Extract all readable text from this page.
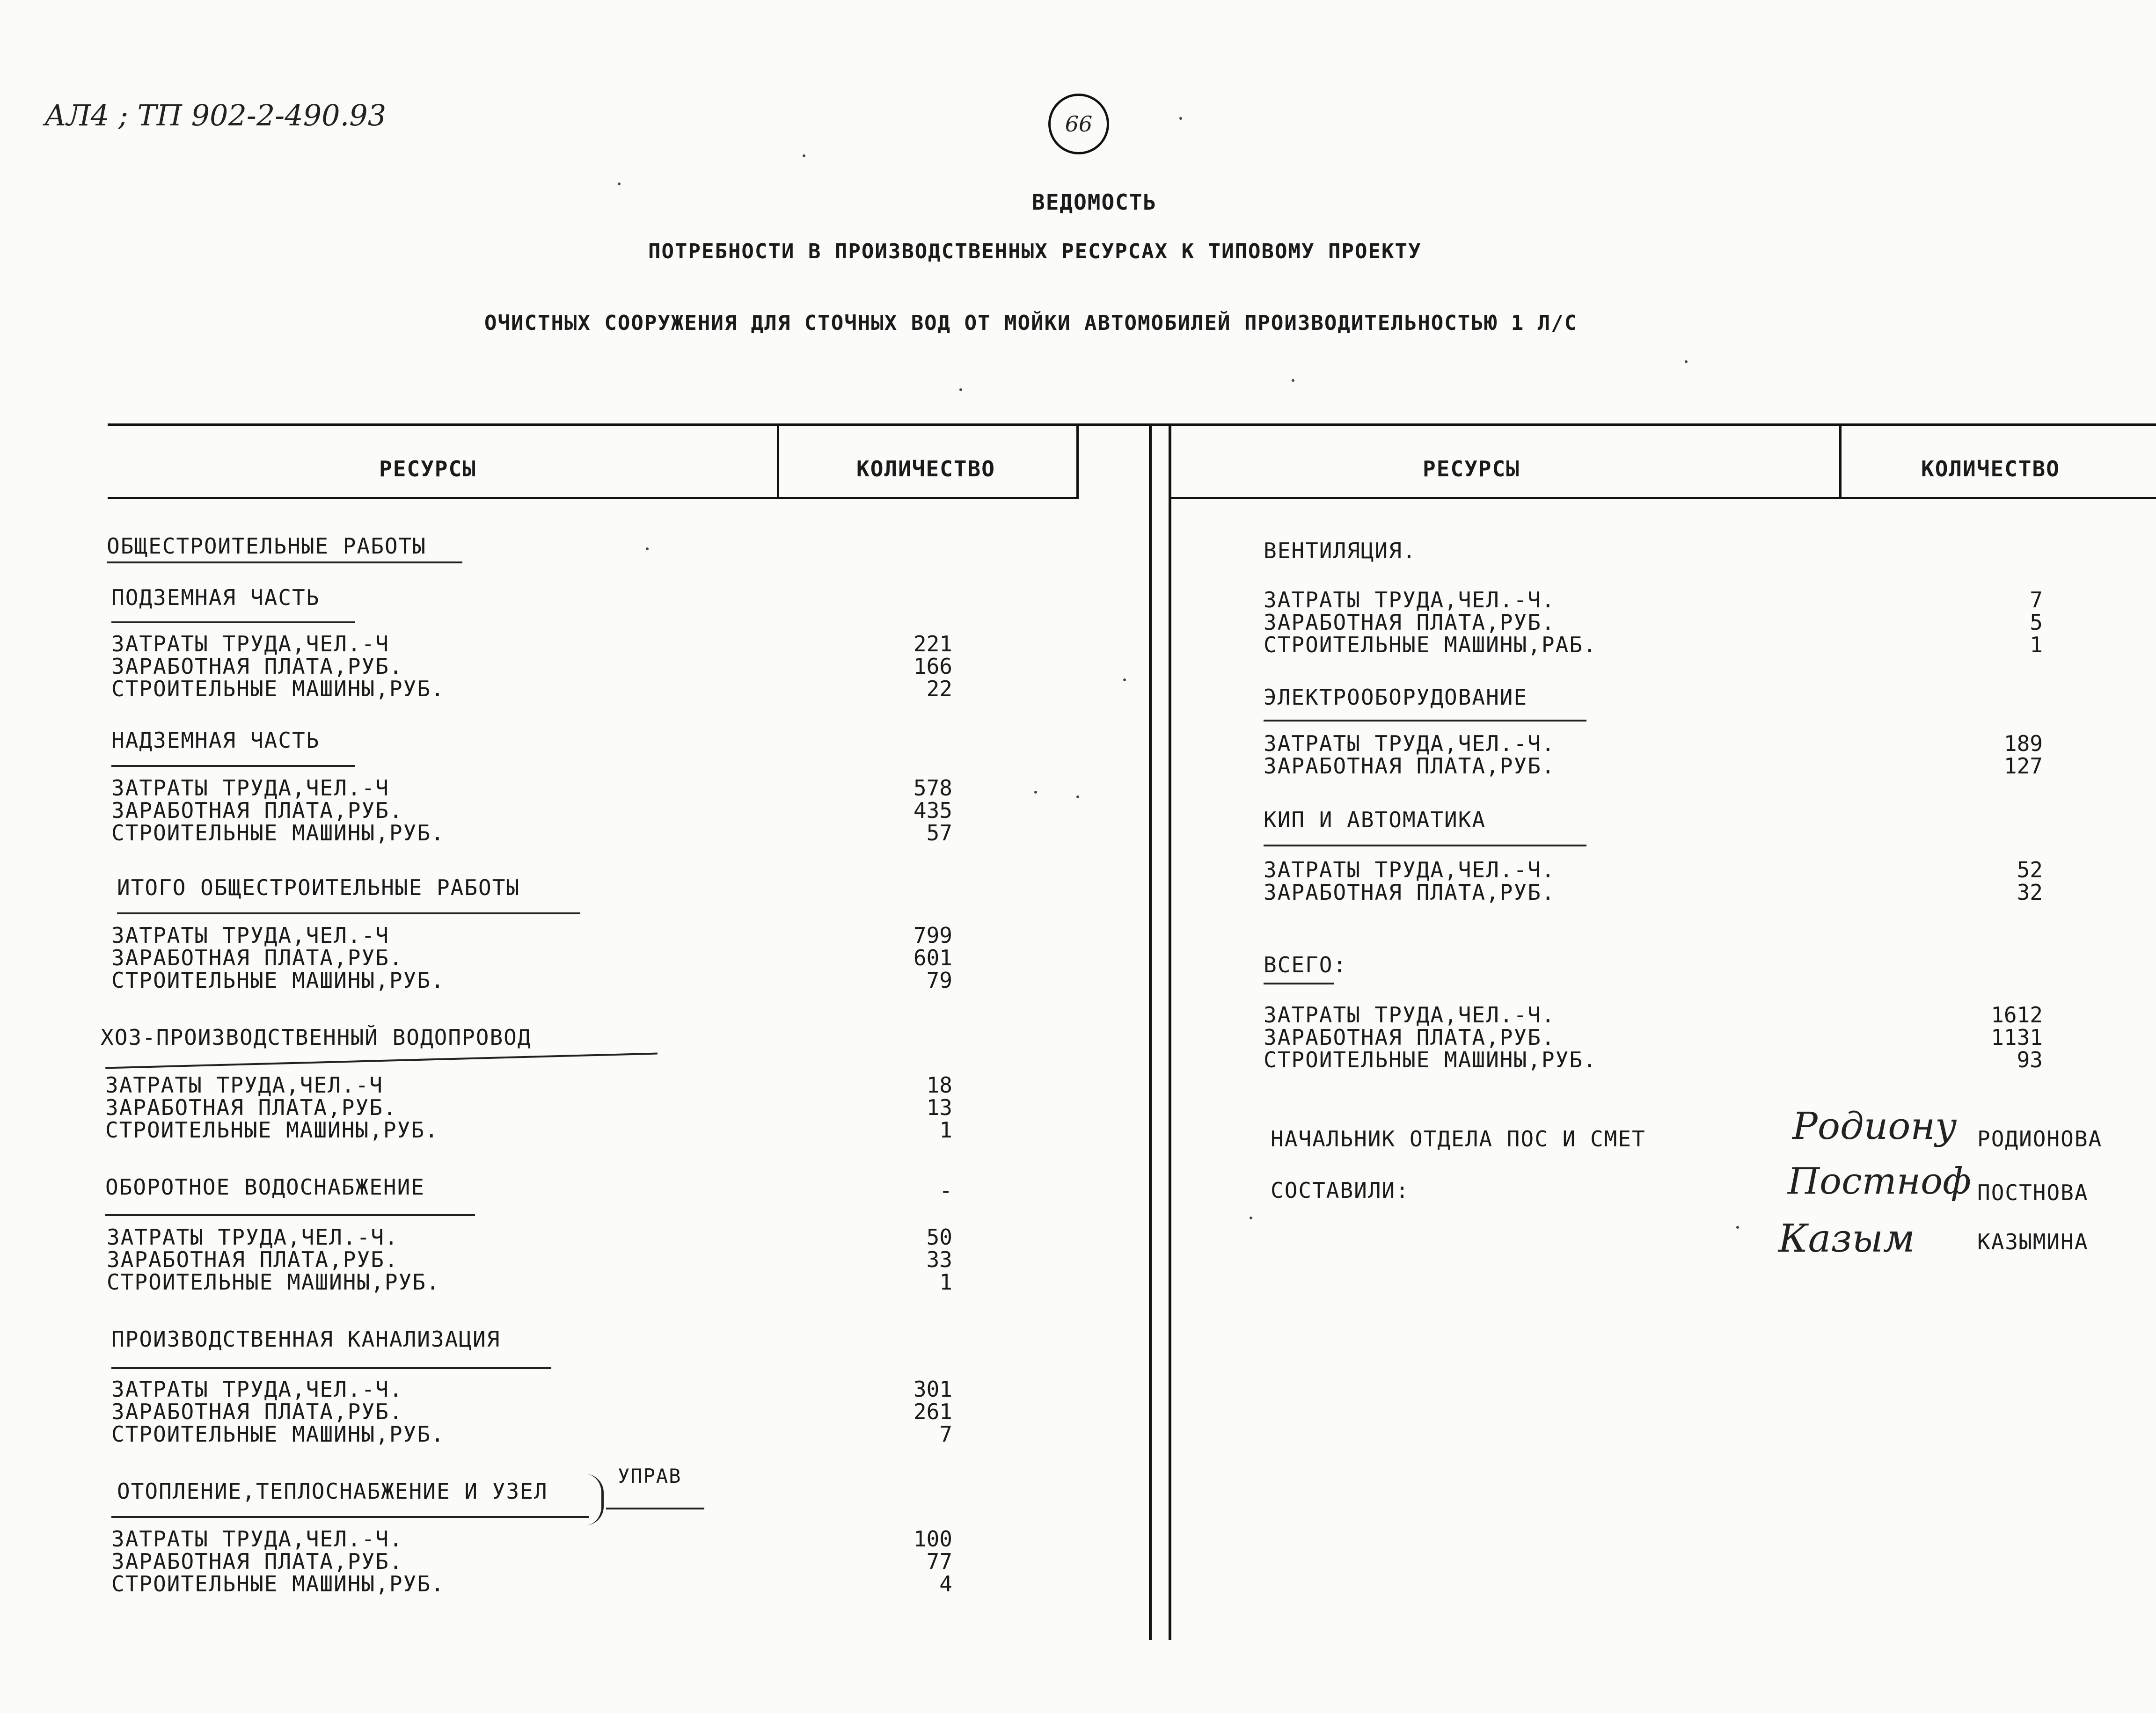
АЛ4 ; ТП 902-2-490.93	66
ВЕДОМОСТЬ
ПОТРЕБНОСТИ В ПРОИЗВОДСТВЕННЫХ РЕСУРСАХ К ТИПОВОМУ ПРОЕКТУ
ОЧИСТНЫХ СООРУЖЕНИЯ ДЛЯ СТОЧНЫХ ВОД ОТ МОЙКИ АВТОМОБИЛЕЙ ПРОИЗВОДИТЕЛЬНОСТЬЮ 1 Л/С
РЕСУРСЫ	КОЛИЧЕСТВО	РЕСУРСЫ	КОЛИЧЕСТВО
ОБЩЕСТРОИТЕЛЬНЫЕ РАБОТЫ
ПОДЗЕМНАЯ ЧАСТЬ
ЗАТРАТЫ ТРУДА,ЧЕЛ.-Ч	221
ЗАРАБОТНАЯ ПЛАТА,РУБ.	166
СТРОИТЕЛЬНЫЕ МАШИНЫ,РУБ.	22
НАДЗЕМНАЯ ЧАСТЬ
ЗАТРАТЫ ТРУДА,ЧЕЛ.-Ч	578
ЗАРАБОТНАЯ ПЛАТА,РУБ.	435
СТРОИТЕЛЬНЫЕ МАШИНЫ,РУБ.	57
ИТОГО ОБЩЕСТРОИТЕЛЬНЫЕ РАБОТЫ
ЗАТРАТЫ ТРУДА,ЧЕЛ.-Ч	799
ЗАРАБОТНАЯ ПЛАТА,РУБ.	601
СТРОИТЕЛЬНЫЕ МАШИНЫ,РУБ.	79
ХОЗ-ПРОИЗВОДСТВЕННЫЙ ВОДОПРОВОД
ЗАТРАТЫ ТРУДА,ЧЕЛ.-Ч	18
ЗАРАБОТНАЯ ПЛАТА,РУБ.	13
СТРОИТЕЛЬНЫЕ МАШИНЫ,РУБ.	1
ОБОРОТНОЕ ВОДОСНАБЖЕНИЕ	-
ЗАТРАТЫ ТРУДА,ЧЕЛ.-Ч.	50
ЗАРАБОТНАЯ ПЛАТА,РУБ.	33
СТРОИТЕЛЬНЫЕ МАШИНЫ,РУБ.	1
ПРОИЗВОДСТВЕННАЯ КАНАЛИЗАЦИЯ
ЗАТРАТЫ ТРУДА,ЧЕЛ.-Ч.	301
ЗАРАБОТНАЯ ПЛАТА,РУБ.	261
СТРОИТЕЛЬНЫЕ МАШИНЫ,РУБ.	7
ОТОПЛЕНИЕ,ТЕПЛОСНАБЖЕНИЕ И УЗЕЛ
УПРАВ
ЗАТРАТЫ ТРУДА,ЧЕЛ.-Ч.	100
ЗАРАБОТНАЯ ПЛАТА,РУБ.	77
СТРОИТЕЛЬНЫЕ МАШИНЫ,РУБ.	4
ВЕНТИЛЯЦИЯ.
ЗАТРАТЫ ТРУДА,ЧЕЛ.-Ч.	7
ЗАРАБОТНАЯ ПЛАТА,РУБ.	5
СТРОИТЕЛЬНЫЕ МАШИНЫ,РАБ.	1
ЭЛЕКТРООБОРУДОВАНИЕ
ЗАТРАТЫ ТРУДА,ЧЕЛ.-Ч.	189
ЗАРАБОТНАЯ ПЛАТА,РУБ.	127
КИП И АВТОМАТИКА
ЗАТРАТЫ ТРУДА,ЧЕЛ.-Ч.	52
ЗАРАБОТНАЯ ПЛАТА,РУБ.	32
ВСЕГО:
ЗАТРАТЫ ТРУДА,ЧЕЛ.-Ч.	1612
ЗАРАБОТНАЯ ПЛАТА,РУБ.	1131
СТРОИТЕЛЬНЫЕ МАШИНЫ,РУБ.	93
НАЧАЛЬНИК ОТДЕЛА ПОС И СМЕТ	Родиону РОДИОНОВА
СОСТАВИЛИ:	Постноф ПОСТНОВА
Казым	КАЗЫМИНА
